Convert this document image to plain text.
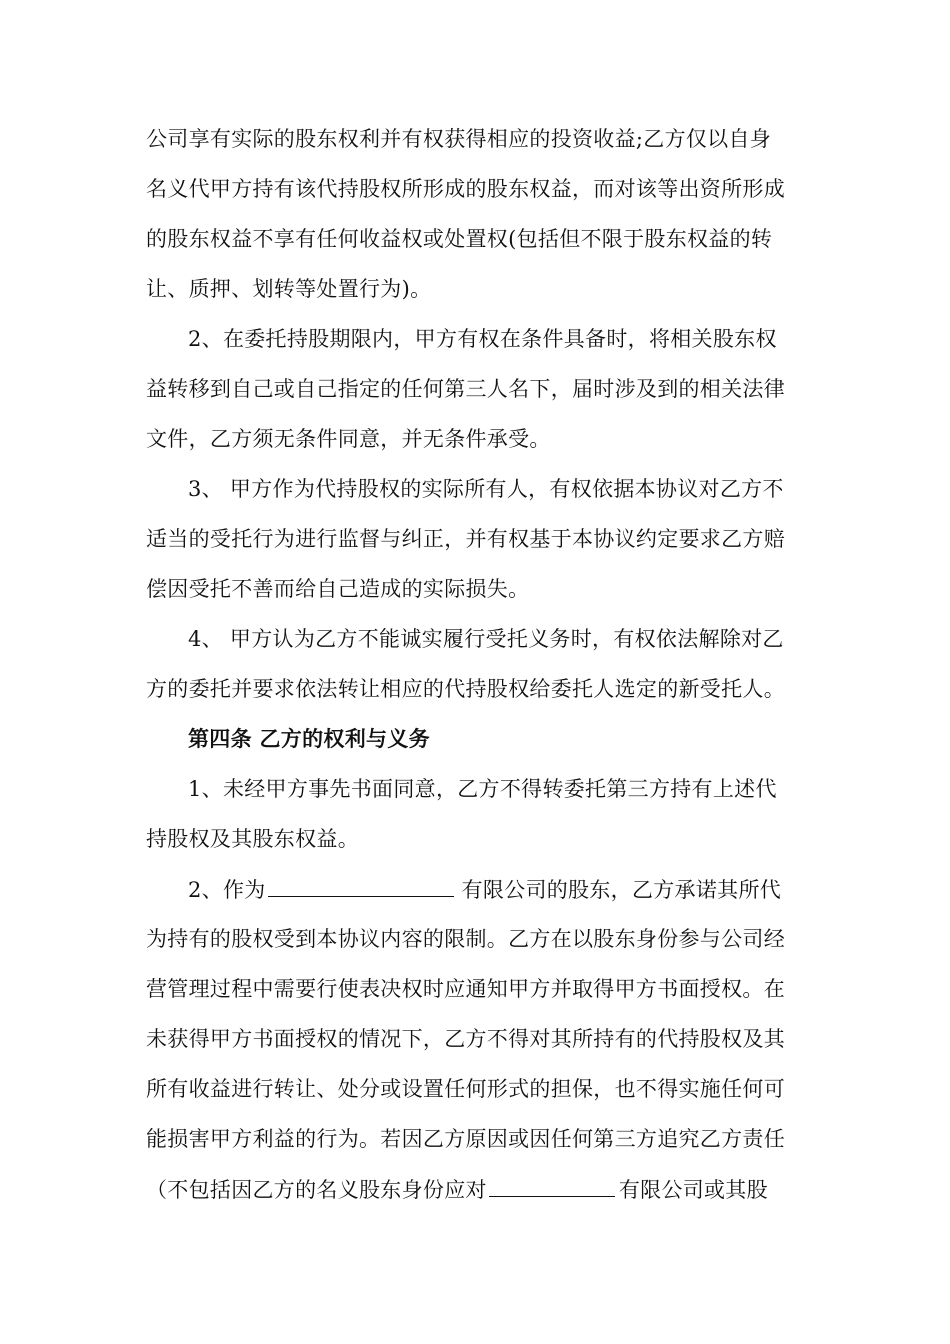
公司享有实际的股东权利并有权获得相应的投资收益;乙方仅以自身
名义代甲方持有该代持股权所形成的股东权益，而对该等出资所形成
的股东权益不享有任何收益权或处置权(包括但不限于股东权益的转
让、质押、划转等处置行为)。
2、在委托持股期限内，甲方有权在条件具备时，将相关股东权
益转移到自己或自己指定的任何第三人名下，届时涉及到的相关法律
文件，乙方须无条件同意，并无条件承受。
3、 甲方作为代持股权的实际所有人，有权依据本协议对乙方不
适当的受托行为进行监督与纠正，并有权基于本协议约定要求乙方赔
偿因受托不善而给自己造成的实际损失。
4、 甲方认为乙方不能诚实履行受托义务时，有权依法解除对乙
方的委托并要求依法转让相应的代持股权给委托人选定的新受托人。
第四条 乙方的权利与义务
1、未经甲方事先书面同意，乙方不得转委托第三方持有上述代
持股权及其股东权益。
2、作为	有限公司的股东，乙方承诺其所代
为持有的股权受到本协议内容的限制。乙方在以股东身份参与公司经
营管理过程中需要行使表决权时应通知甲方并取得甲方书面授权。在
未获得甲方书面授权的情况下，乙方不得对其所持有的代持股权及其
所有收益进行转让、处分或设置任何形式的担保，也不得实施任何可
能损害甲方利益的行为。若因乙方原因或因任何第三方追究乙方责任
（不包括因乙方的名义股东身份应对	有限公司或其股
